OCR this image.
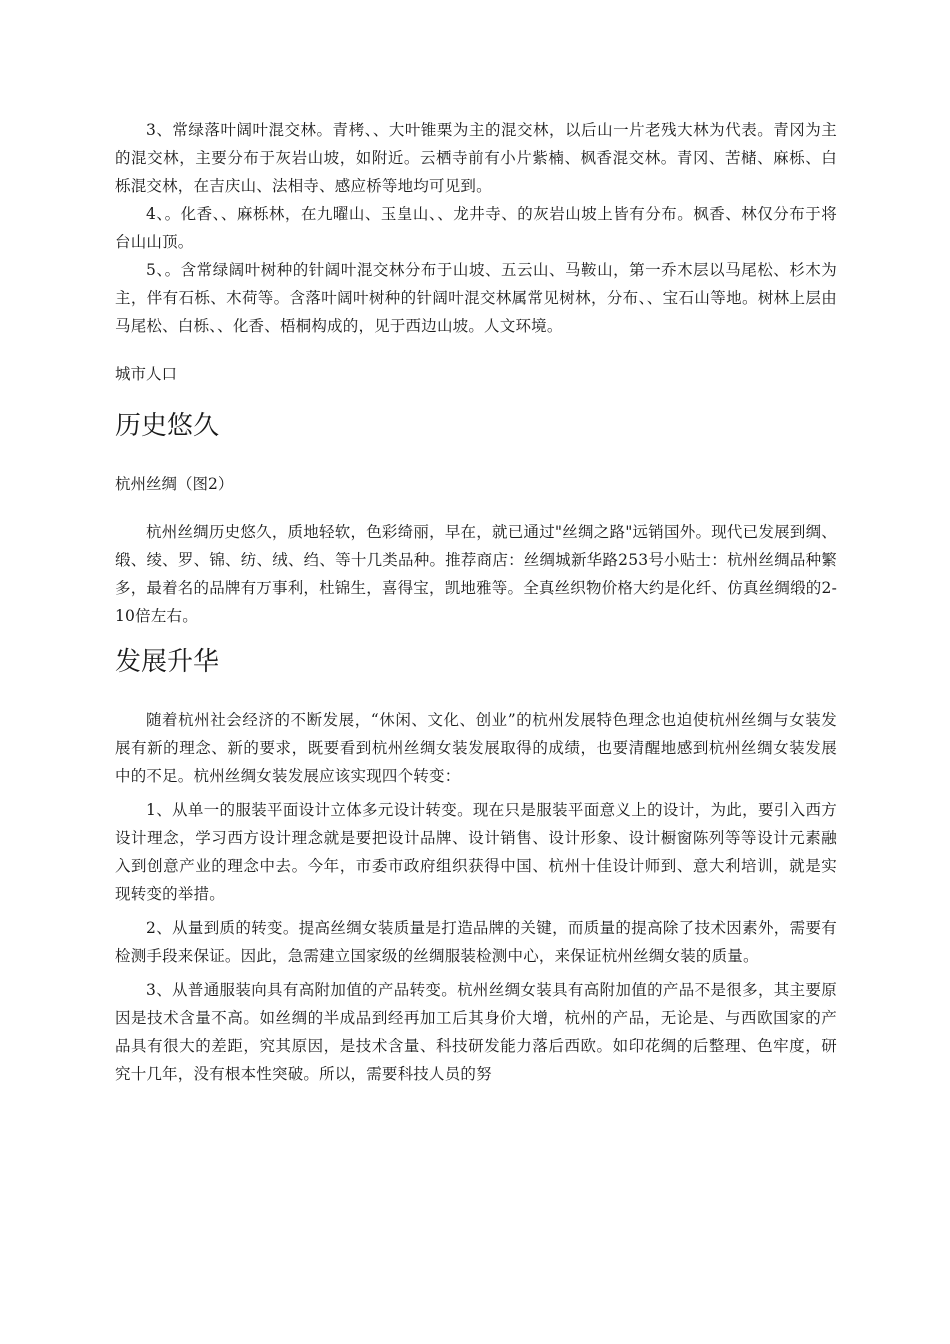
3、常绿落叶阔叶混交林。青栲、、大叶锥栗为主的混交林，以后山一片老残大林为代表。青冈为主的混交林，主要分布于灰岩山坡，如附近。云栖寺前有小片紫楠、枫香混交林。青冈、苦槠、麻栎、白栎混交林，在吉庆山、法相寺、感应桥等地均可见到。

4、。化香、、麻栎林，在九曜山、玉皇山、、龙井寺、的灰岩山坡上皆有分布。枫香、林仅分布于将台山山顶。

5、。含常绿阔叶树种的针阔叶混交林分布于山坡、五云山、马鞍山，第一乔木层以马尾松、杉木为主，伴有石栎、木荷等。含落叶阔叶树种的针阔叶混交林属常见树林，分布、、宝石山等地。树林上层由马尾松、白栎、、化香、梧桐构成的，见于西边山坡。人文环境。

城市人口

历史悠久

杭州丝绸（图2）

杭州丝绸历史悠久，质地轻软，色彩绮丽，早在，就已通过"丝绸之路"远销国外。现代已发展到绸、缎、绫、罗、锦、纺、绒、绉、等十几类品种。推荐商店：丝绸城新华路253号小贴士：杭州丝绸品种繁多，最着名的品牌有万事利，杜锦生，喜得宝，凯地雅等。全真丝织物价格大约是化纤、仿真丝绸缎的2-10倍左右。

发展升华

随着杭州社会经济的不断发展，“休闲、文化、创业”的杭州发展特色理念也迫使杭州丝绸与女装发展有新的理念、新的要求，既要看到杭州丝绸女装发展取得的成绩，也要清醒地感到杭州丝绸女装发展中的不足。杭州丝绸女装发展应该实现四个转变：

1、从单一的服装平面设计立体多元设计转变。现在只是服装平面意义上的设计，为此，要引入西方设计理念，学习西方设计理念就是要把设计品牌、设计销售、设计形象、设计橱窗陈列等等设计元素融入到创意产业的理念中去。今年，市委市政府组织获得中国、杭州十佳设计师到、意大利培训，就是实现转变的举措。

2、从量到质的转变。提高丝绸女装质量是打造品牌的关键，而质量的提高除了技术因素外，需要有检测手段来保证。因此，急需建立国家级的丝绸服装检测中心，来保证杭州丝绸女装的质量。

3、从普通服装向具有高附加值的产品转变。杭州丝绸女装具有高附加值的产品不是很多，其主要原因是技术含量不高。如丝绸的半成品到经再加工后其身价大增，杭州的产品，无论是、与西欧国家的产品具有很大的差距，究其原因，是技术含量、科技研发能力落后西欧。如印花绸的后整理、色牢度，研究十几年，没有根本性突破。所以，需要科技人员的努
